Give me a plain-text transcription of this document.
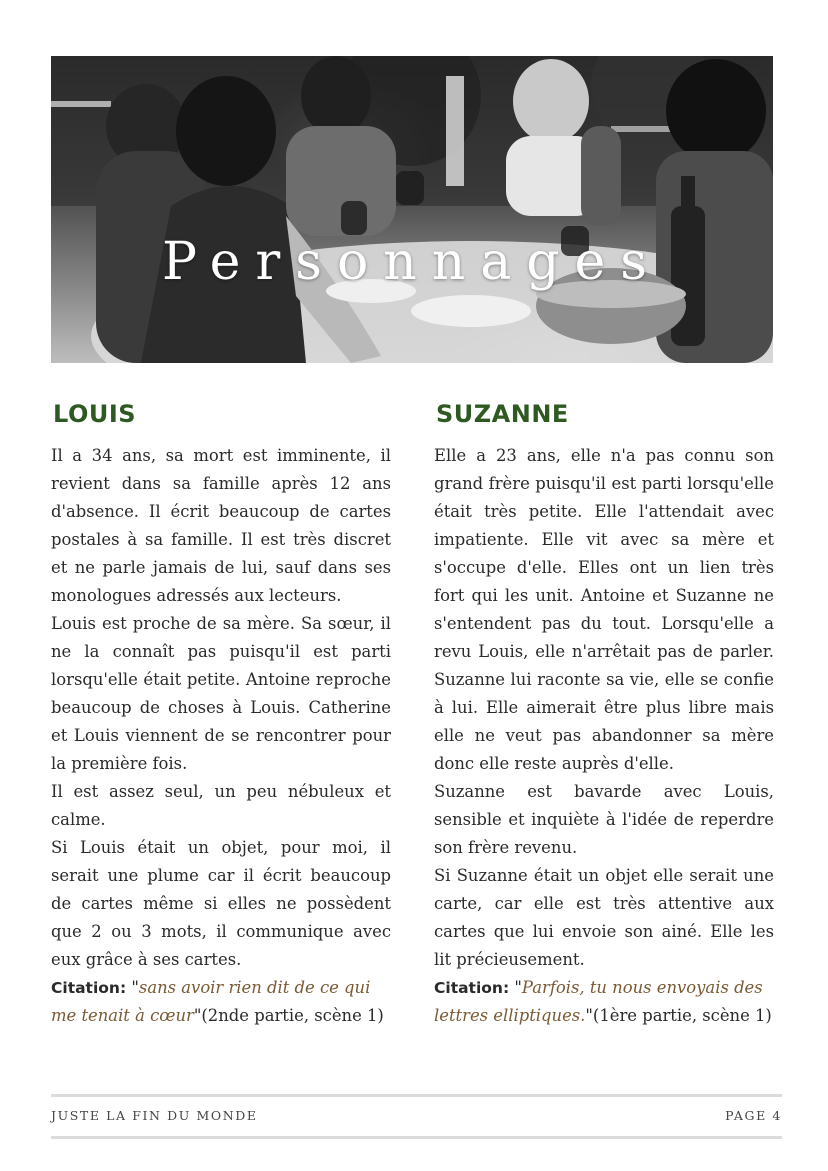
Personnages
LOUIS

Il a 34 ans, sa mort est imminente, il revient dans sa famille après 12 ans d'absence. Il écrit beaucoup de cartes postales à sa famille. Il est très discret et ne parle jamais de lui, sauf dans ses monologues adressés aux lecteurs.

Louis est proche de sa mère. Sa sœur, il ne la connaît pas puisqu'il est parti lorsqu'elle était petite. Antoine reproche beaucoup de choses à Louis. Catherine et Louis viennent de se rencontrer pour la première fois.

Il est assez seul, un peu nébuleux et calme.

Si Louis était un objet, pour moi, il serait une plume car il écrit beaucoup de cartes même si elles ne possèdent que 2 ou 3 mots, il communique avec eux grâce à ses cartes.

Citation: "sans avoir rien dit de ce qui me tenait à cœur"(2nde partie, scène 1)

SUZANNE

Elle a 23 ans, elle n'a pas connu son grand frère puisqu'il est parti lorsqu'elle était très petite. Elle l'attendait avec impatiente. Elle vit avec sa mère et s'occupe d'elle. Elles ont un lien très fort qui les unit. Antoine et Suzanne ne s'entendent pas du tout. Lorsqu'elle a revu Louis, elle n'arrêtait pas de parler. Suzanne lui raconte sa vie, elle se confie à lui. Elle aimerait être plus libre mais elle ne veut pas abandonner sa mère donc elle reste auprès d'elle.

Suzanne est bavarde avec Louis, sensible et inquiète à l'idée de reperdre son frère revenu.

Si Suzanne était un objet elle serait une carte, car elle est très attentive aux cartes que lui envoie son ainé. Elle les lit précieusement.

Citation: "Parfois, tu nous envoyais des lettres elliptiques."(1ère partie, scène 1)

JUSTE LA FIN DU MONDE	PAGE 4
